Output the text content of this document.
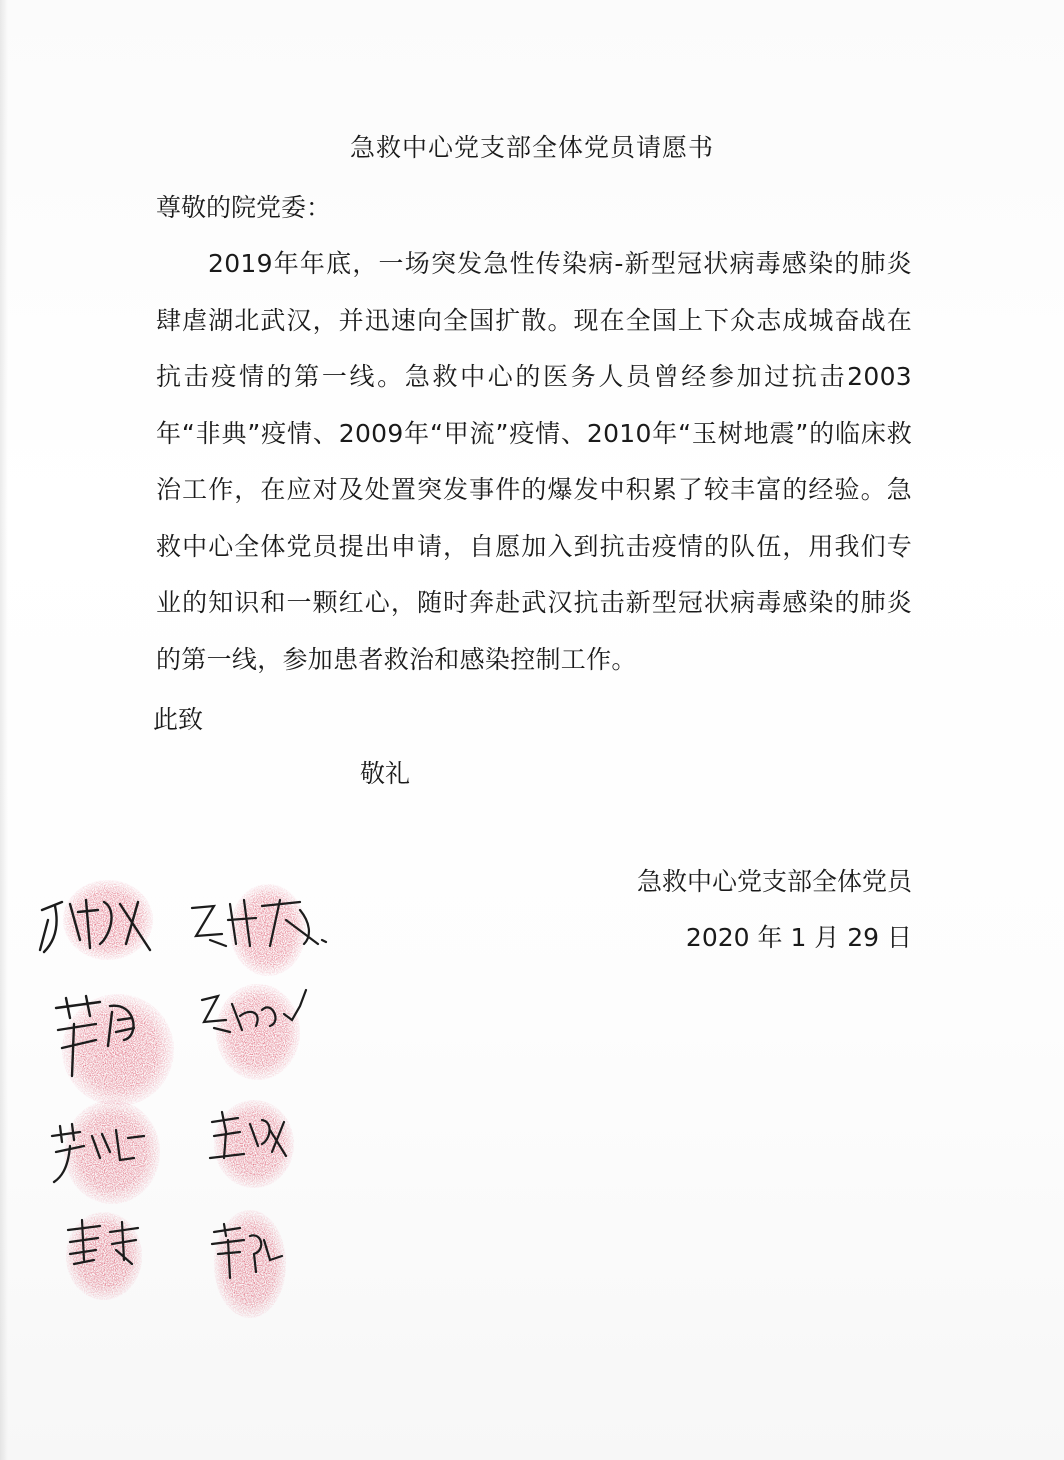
急救中心党支部全体党员请愿书
尊敬的院党委：
2019年年底，一场突发急性传染病-新型冠状病毒感染的肺炎肆虐湖北武汉，并迅速向全国扩散。现在全国上下众志成城奋战在抗击疫情的第一线。急救中心的医务人员曾经参加过抗击2003年“非典”疫情、2009年“甲流”疫情、2010年“玉树地震”的临床救治工作，在应对及处置突发事件的爆发中积累了较丰富的经验。急救中心全体党员提出申请，自愿加入到抗击疫情的队伍，用我们专业的知识和一颗红心，随时奔赴武汉抗击新型冠状病毒感染的肺炎的第一线，参加患者救治和感染控制工作。
此致
敬礼
急救中心党支部全体党员
2020 年 1 月 29 日
